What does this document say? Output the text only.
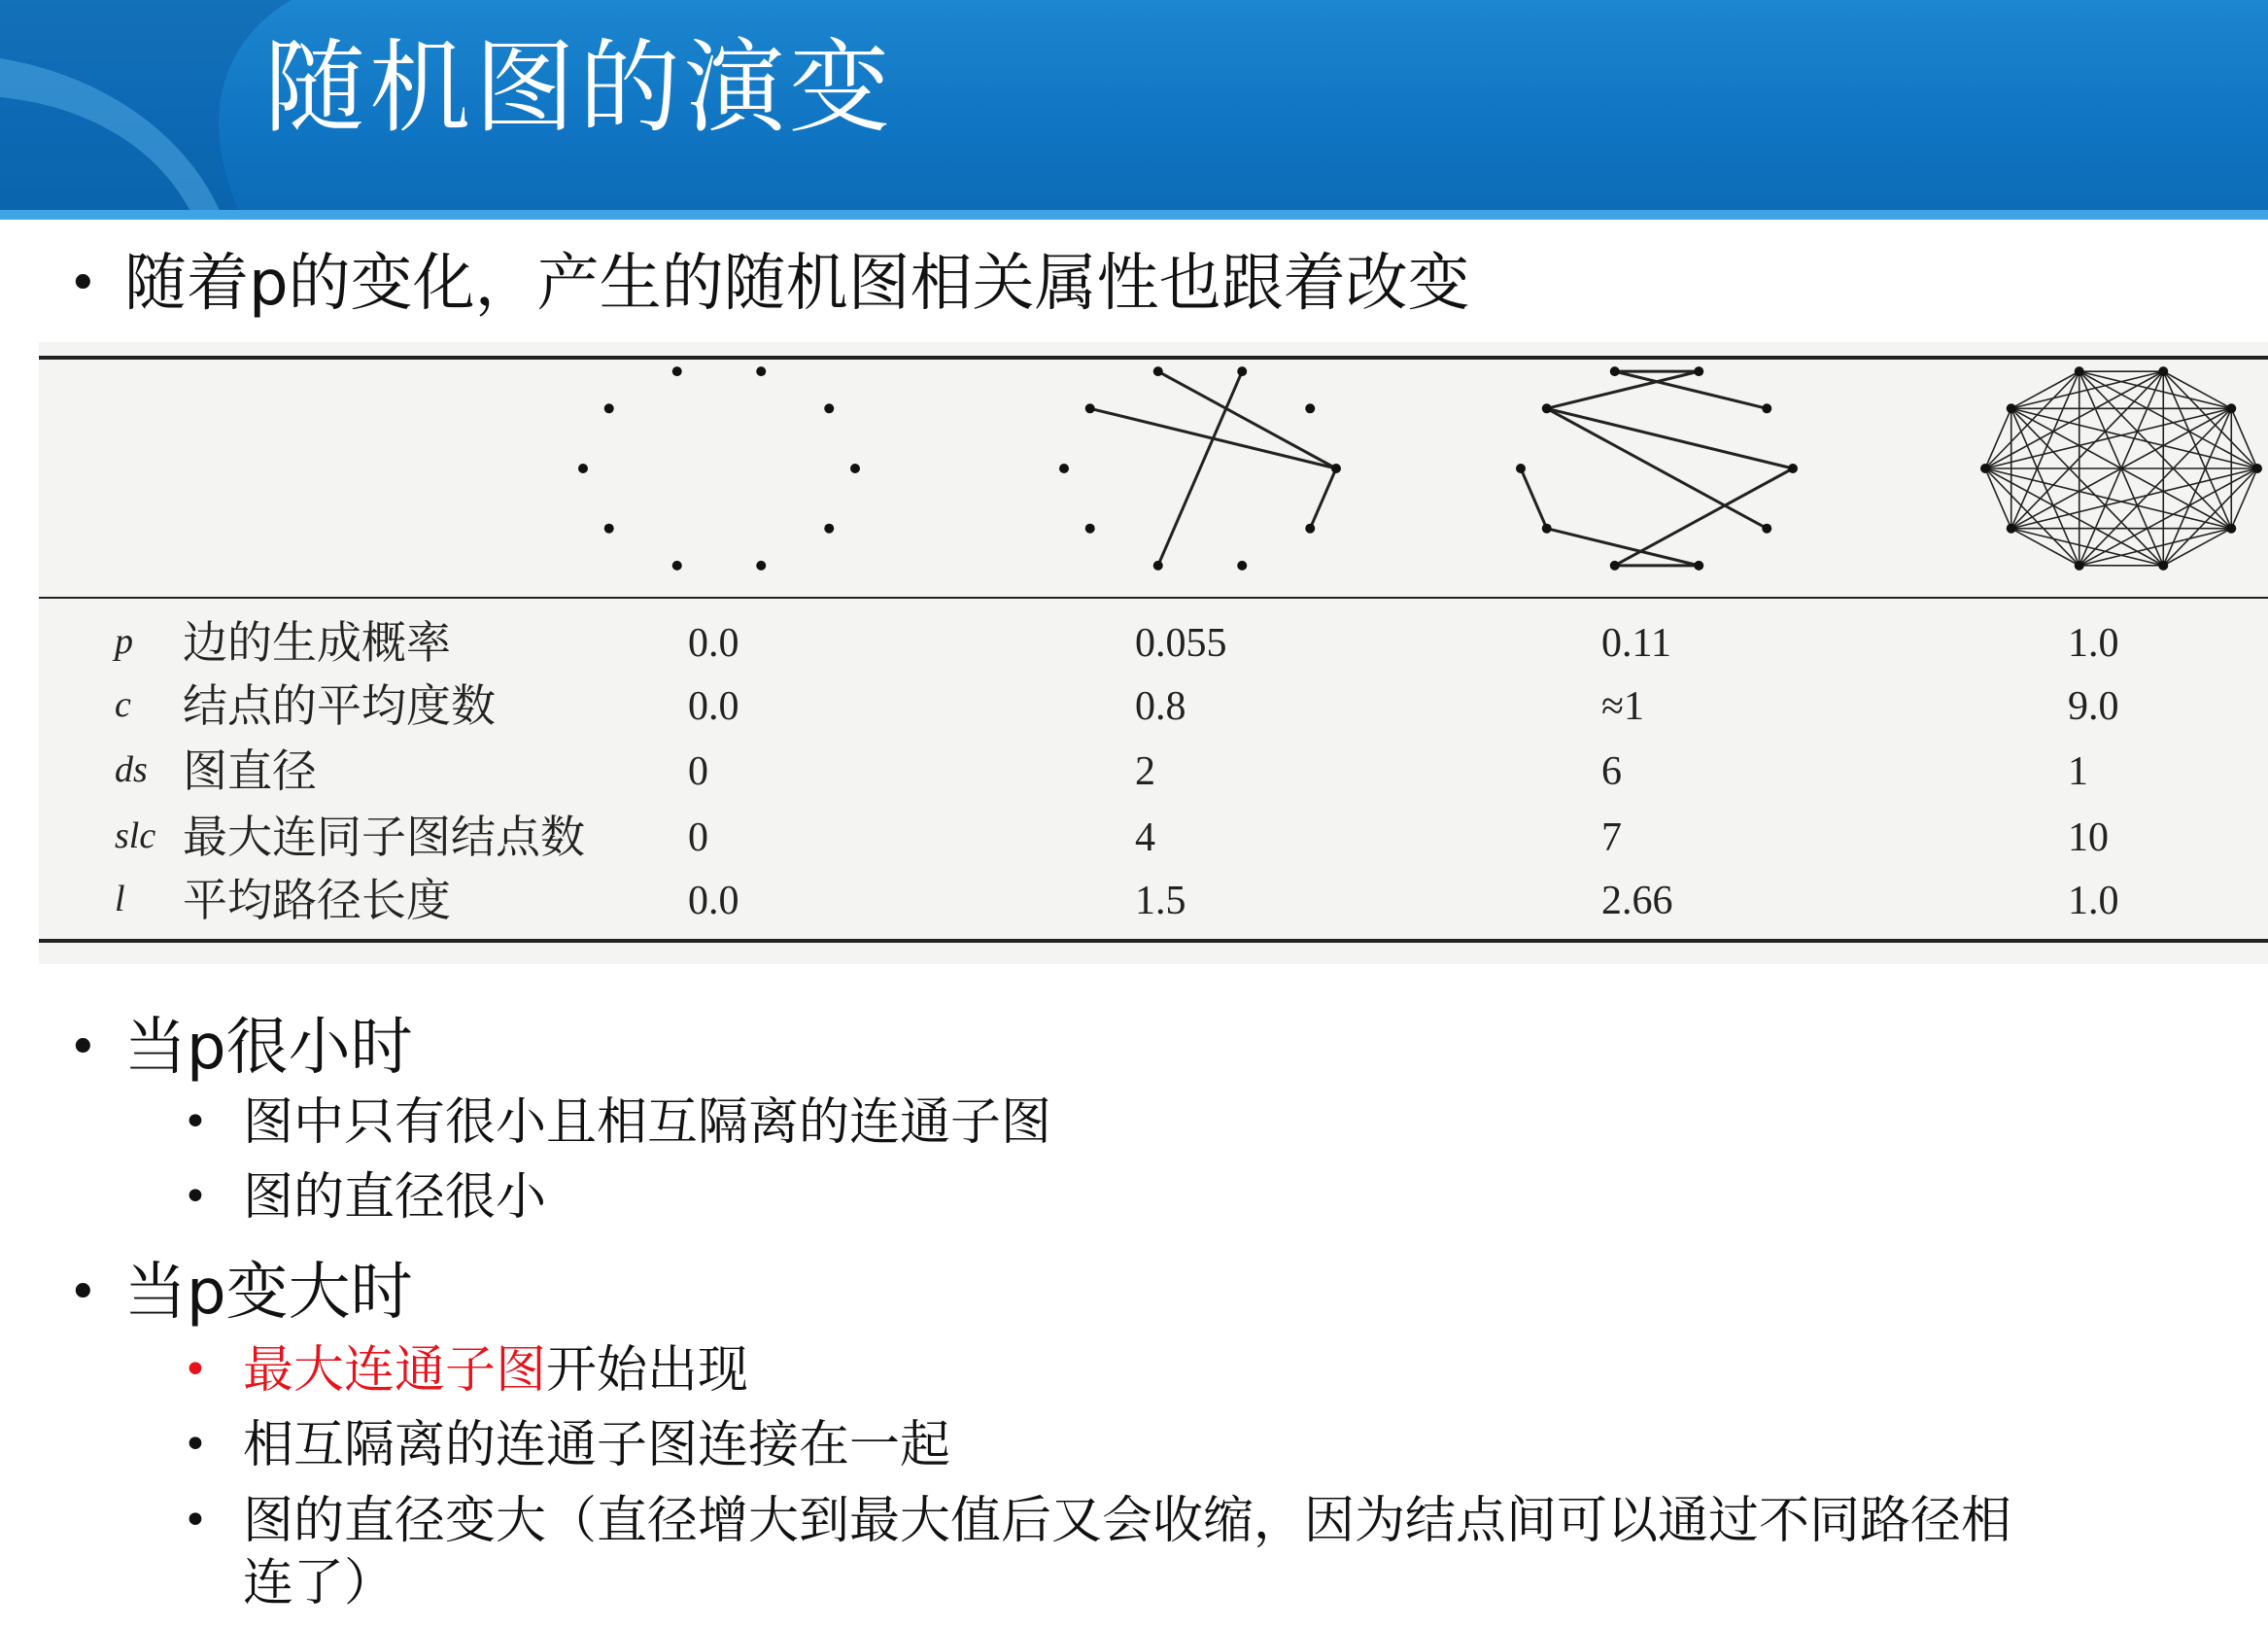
随机图的演变
• 随着p的变化，产生的随机图相关属性也跟着改变
p 边的生成概率	0.0	0.055	0.11	1.0
c 结点的平均度数	0.0	0.8	≈1	9.0
ds 图直径	0	2	6	1
slc 最大连同子图结点数	0	4	7	10
l 平均路径长度	0.0	1.5	2.66	1.0
• 当p很小时
• 图中只有很小且相互隔离的连通子图
• 图的直径很小
• 当p变大时
• 最大连通子图开始出现
• 相互隔离的连通子图连接在一起
• 图的直径变大（直径增大到最大值后又会收缩，因为结点间可以通过不同路径相
连了）
